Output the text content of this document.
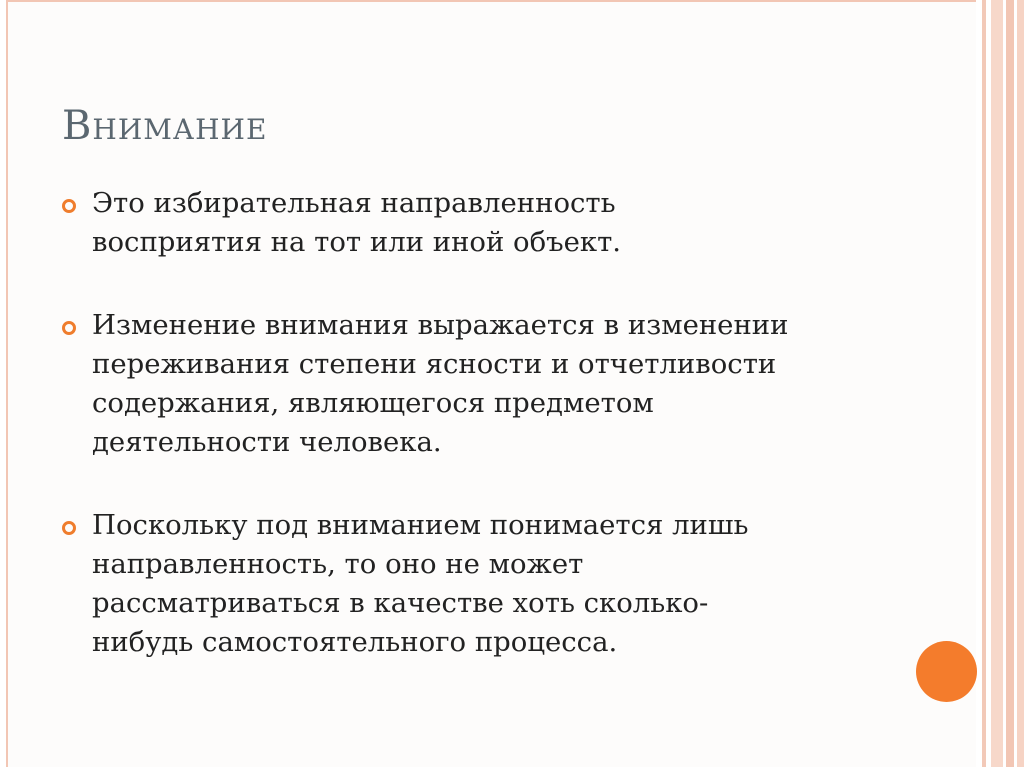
Внимание
Это избирательная направленность
восприятия на тот или иной объект.
Изменение внимания выражается в изменении
переживания степени ясности и отчетливости
содержания, являющегося предметом
деятельности человека.
Поскольку под вниманием понимается лишь
направленность, то оно не может
рассматриваться в качестве хоть сколько-
нибудь самостоятельного процесса.
